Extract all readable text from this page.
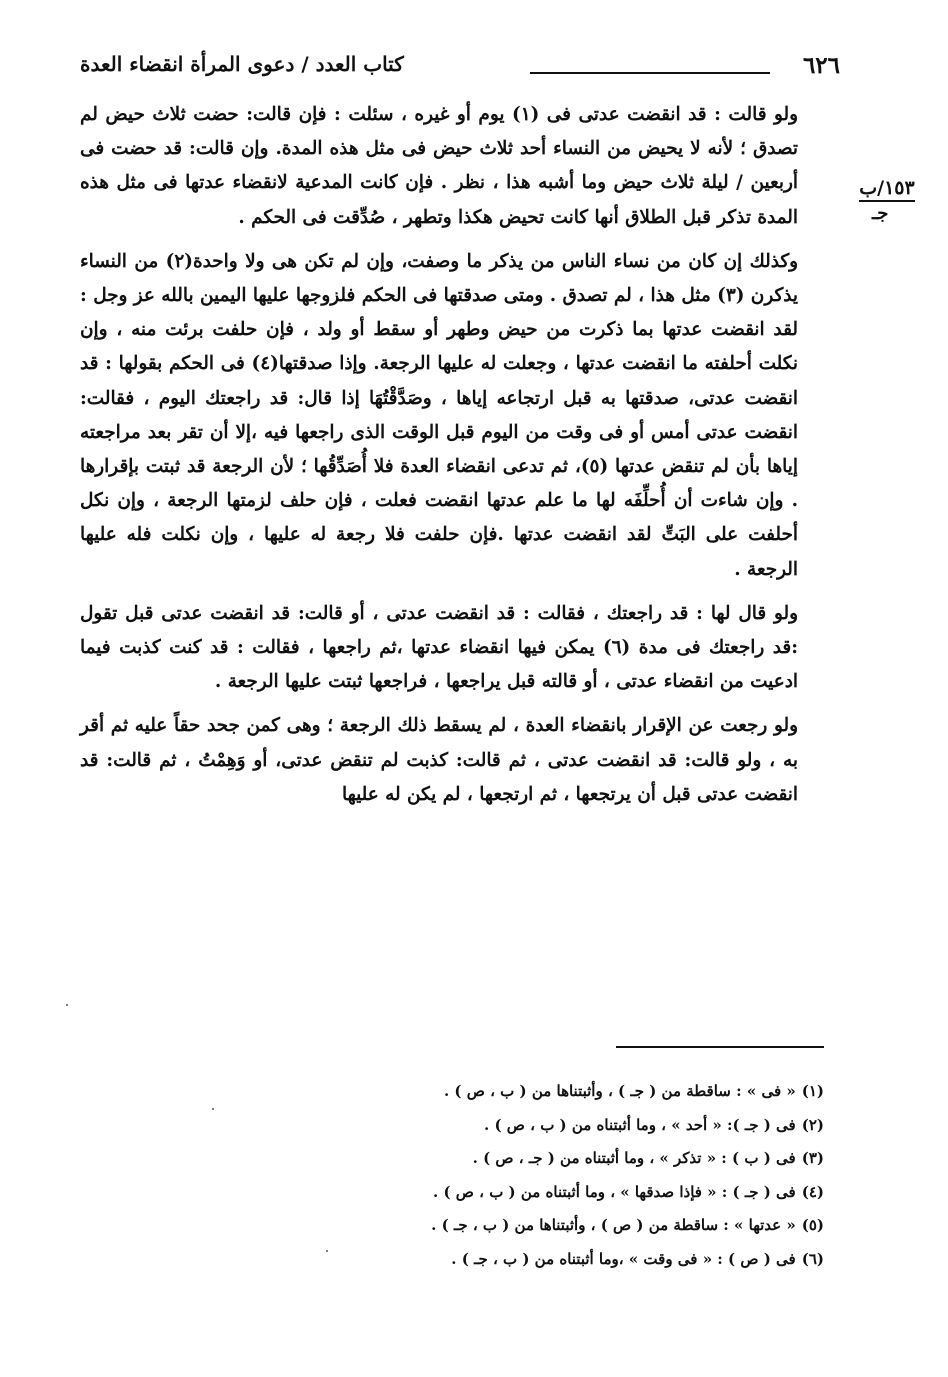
٦٢٦
كتاب العدد / دعوى المرأة انقضاء العدة
١٥٣/ب
جـ

ولو قالت : قد انقضت عدتى فى (١) يوم أو غيره ، سئلت : فإن قالت: حضت ثلاث حيض لم تصدق ؛ لأنه لا يحيض من النساء أحد ثلاث حيض فى مثل هذه المدة. وإن قالت: قد حضت فى أربعين / ليلة ثلاث حيض وما أشبه هذا ، نظر . فإن كانت المدعية لانقضاء عدتها فى مثل هذه المدة تذكر قبل الطلاق أنها كانت تحيض هكذا وتطهر ، صُدِّقت فى الحكم .

وكذلك إن كان من نساء الناس من يذكر ما وصفت، وإن لم تكن هى ولا واحدة(٢) من النساء يذكرن (٣) مثل هذا ، لم تصدق . ومتى صدقتها فى الحكم فلزوجها عليها اليمين بالله عز وجل : لقد انقضت عدتها بما ذكرت من حيض وطهر أو سقط أو ولد ، فإن حلفت برئت منه ، وإن نكلت أحلفته ما انقضت عدتها ، وجعلت له عليها الرجعة. وإذا صدقتها(٤) فى الحكم بقولها : قد انقضت عدتى، صدقتها به قبل ارتجاعه إياها ، وصَدَّقْتُهَا إذا قال: قد راجعتك اليوم ، فقالت: انقضت عدتى أمس أو فى وقت من اليوم قبل الوقت الذى راجعها فيه ،إلا أن تقر بعد مراجعته إياها بأن لم تنقض عدتها (٥)، ثم تدعى انقضاء العدة فلا أُصَدِّقُها ؛ لأن الرجعة قد ثبتت بإقرارها . وإن شاءت أن أُحلِّفَه لها ما علم عدتها انقضت فعلت ، فإن حلف لزمتها الرجعة ، وإن نكل أحلفت على البَتِّ لقد انقضت عدتها .فإن حلفت فلا رجعة له عليها ، وإن نكلت فله عليها الرجعة .

ولو قال لها : قد راجعتك ، فقالت : قد انقضت عدتى ، أو قالت: قد انقضت عدتى قبل تقول :قد راجعتك فى مدة (٦) يمكن فيها انقضاء عدتها ،ثم راجعها ، فقالت : قد كنت كذبت فيما ادعيت من انقضاء عدتى ، أو قالته قبل يراجعها ، فراجعها ثبتت عليها الرجعة .

ولو رجعت عن الإقرار بانقضاء العدة ، لم يسقط ذلك الرجعة ؛ وهى كمن جحد حقاً عليه ثم أقر به ، ولو قالت: قد انقضت عدتى ، ثم قالت: كذبت لم تنقض عدتى، أو وَهِمْتُ ، ثم قالت: قد انقضت عدتى قبل أن يرتجعها ، ثم ارتجعها ، لم يكن له عليها

(١)« فى » : ساقطة من ( جـ ) ، وأثبتناها من ( ب ، ص ) .
(٢)فى ( جـ ): « أحد » ، وما أثبتناه من ( ب ، ص ) .
(٣)فى ( ب ) : « تذكر » ، وما أثبتناه من ( جـ ، ص ) .
(٤)فى ( جـ ) : « فإذا صدقها » ، وما أثبتناه من ( ب ، ص ) .
(٥)« عدتها » : ساقطة من ( ص ) ، وأثبتناها من ( ب ، جـ ) .
(٦)فى ( ص ) : « فى وقت » ،وما أثبتناه من ( ب ، جـ ) .
